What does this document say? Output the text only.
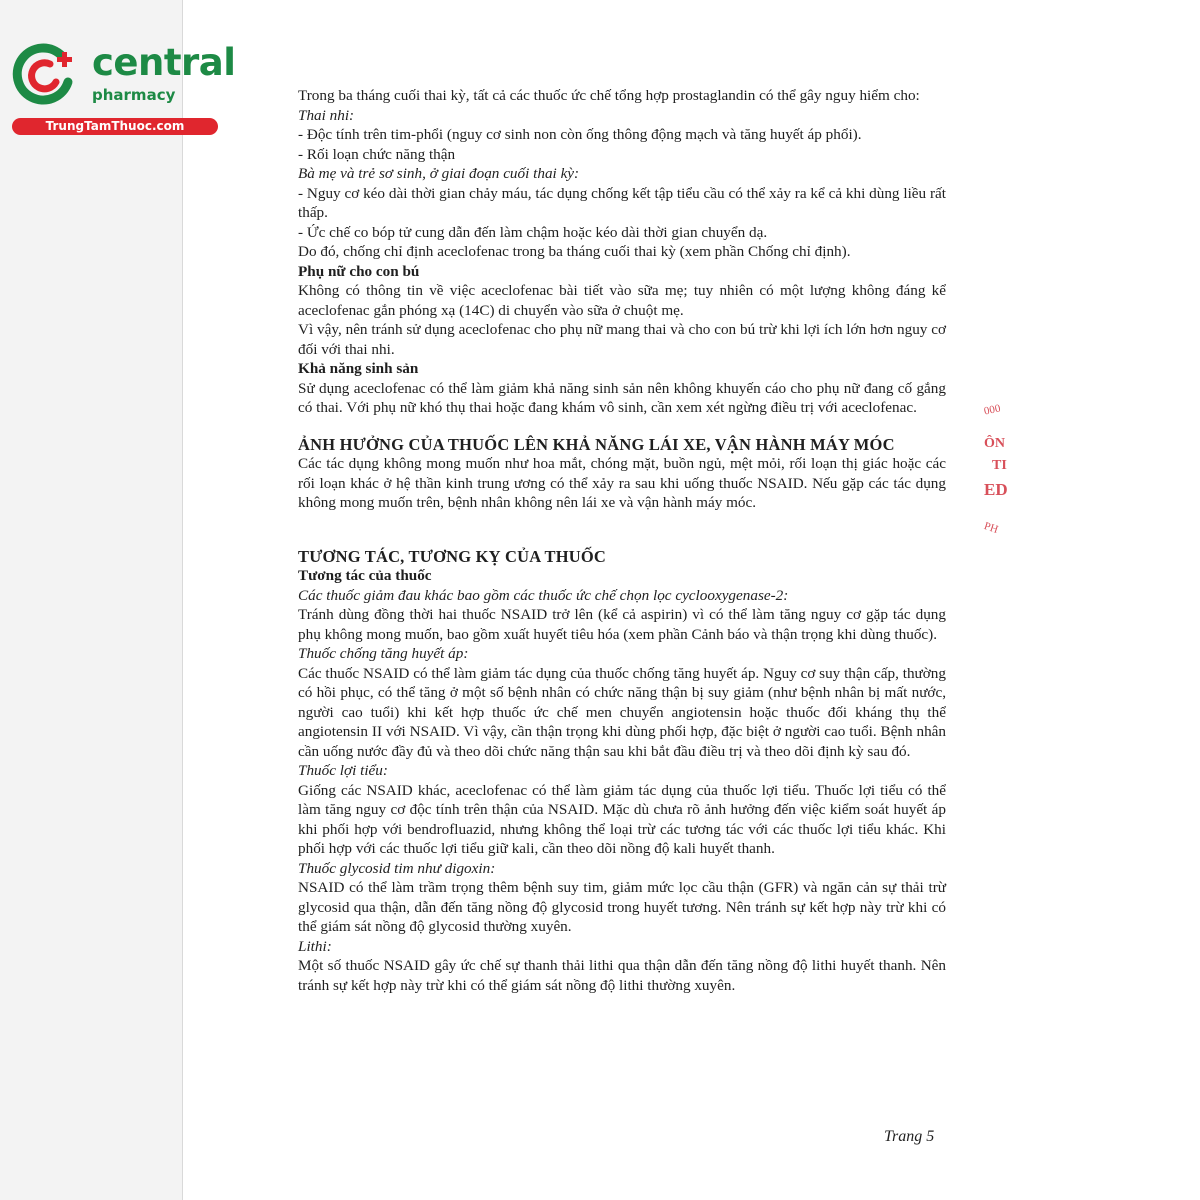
central
pharmacy
TrungTamThuoc.com

Trong ba tháng cuối thai kỳ, tất cả các thuốc ức chế tổng hợp prostaglandin có thể gây nguy hiểm cho:

Thai nhi:

- Độc tính trên tim-phổi (nguy cơ sinh non còn ống thông động mạch và tăng huyết áp phổi).

- Rối loạn chức năng thận

Bà mẹ và trẻ sơ sinh, ở giai đoạn cuối thai kỳ:

- Nguy cơ kéo dài thời gian chảy máu, tác dụng chống kết tập tiểu cầu có thể xảy ra kể cả khi dùng liều rất thấp.

- Ức chế co bóp tử cung dẫn đến làm chậm hoặc kéo dài thời gian chuyển dạ.

Do đó, chống chỉ định aceclofenac trong ba tháng cuối thai kỳ (xem phần Chống chỉ định).

Phụ nữ cho con bú

Không có thông tin về việc aceclofenac bài tiết vào sữa mẹ; tuy nhiên có một lượng không đáng kể aceclofenac gắn phóng xạ (14C) di chuyển vào sữa ở chuột mẹ.

Vì vậy, nên tránh sử dụng aceclofenac cho phụ nữ mang thai và cho con bú trừ khi lợi ích lớn hơn nguy cơ đối với thai nhi.

Khả năng sinh sản

Sử dụng aceclofenac có thể làm giảm khả năng sinh sản nên không khuyến cáo cho phụ nữ đang cố gắng có thai. Với phụ nữ khó thụ thai hoặc đang khám vô sinh, cần xem xét ngừng điều trị với aceclofenac.

ẢNH HƯỞNG CỦA THUỐC LÊN KHẢ NĂNG LÁI XE, VẬN HÀNH MÁY MÓC

Các tác dụng không mong muốn như hoa mắt, chóng mặt, buồn ngủ, mệt mỏi, rối loạn thị giác hoặc các rối loạn khác ở hệ thần kinh trung ương có thể xảy ra sau khi uống thuốc NSAID. Nếu gặp các tác dụng không mong muốn trên, bệnh nhân không nên lái xe và vận hành máy móc.

TƯƠNG TÁC, TƯƠNG KỴ CỦA THUỐC

Tương tác của thuốc

Các thuốc giảm đau khác bao gồm các thuốc ức chế chọn lọc cyclooxygenase-2:

Tránh dùng đồng thời hai thuốc NSAID trở lên (kể cả aspirin) vì có thể làm tăng nguy cơ gặp tác dụng phụ không mong muốn, bao gồm xuất huyết tiêu hóa (xem phần Cảnh báo và thận trọng khi dùng thuốc).

Thuốc chống tăng huyết áp:

Các thuốc NSAID có thể làm giảm tác dụng của thuốc chống tăng huyết áp. Nguy cơ suy thận cấp, thường có hồi phục, có thể tăng ở một số bệnh nhân có chức năng thận bị suy giảm (như bệnh nhân bị mất nước, người cao tuổi) khi kết hợp thuốc ức chế men chuyển angiotensin hoặc thuốc đối kháng thụ thể angiotensin II với NSAID. Vì vậy, cần thận trọng khi dùng phối hợp, đặc biệt ở người cao tuổi. Bệnh nhân cần uống nước đầy đủ và theo dõi chức năng thận sau khi bắt đầu điều trị và theo dõi định kỳ sau đó.

Thuốc lợi tiểu:

Giống các NSAID khác, aceclofenac có thể làm giảm tác dụng của thuốc lợi tiểu. Thuốc lợi tiểu có thể làm tăng nguy cơ độc tính trên thận của NSAID. Mặc dù chưa rõ ảnh hưởng đến việc kiểm soát huyết áp khi phối hợp với bendrofluazid, nhưng không thể loại trừ các tương tác với các thuốc lợi tiểu khác. Khi phối hợp với các thuốc lợi tiểu giữ kali, cần theo dõi nồng độ kali huyết thanh.

Thuốc glycosid tim như digoxin:

NSAID có thể làm trầm trọng thêm bệnh suy tim, giảm mức lọc cầu thận (GFR) và ngăn cản sự thải trừ glycosid qua thận, dẫn đến tăng nồng độ glycosid trong huyết tương. Nên tránh sự kết hợp này trừ khi có thể giám sát nồng độ glycosid thường xuyên.

Lithi:

Một số thuốc NSAID gây ức chế sự thanh thải lithi qua thận dẫn đến tăng nồng độ lithi huyết thanh. Nên tránh sự kết hợp này trừ khi có thể giám sát nồng độ lithi thường xuyên.

Trang 5
000
ÔN
TI
ED
PH
